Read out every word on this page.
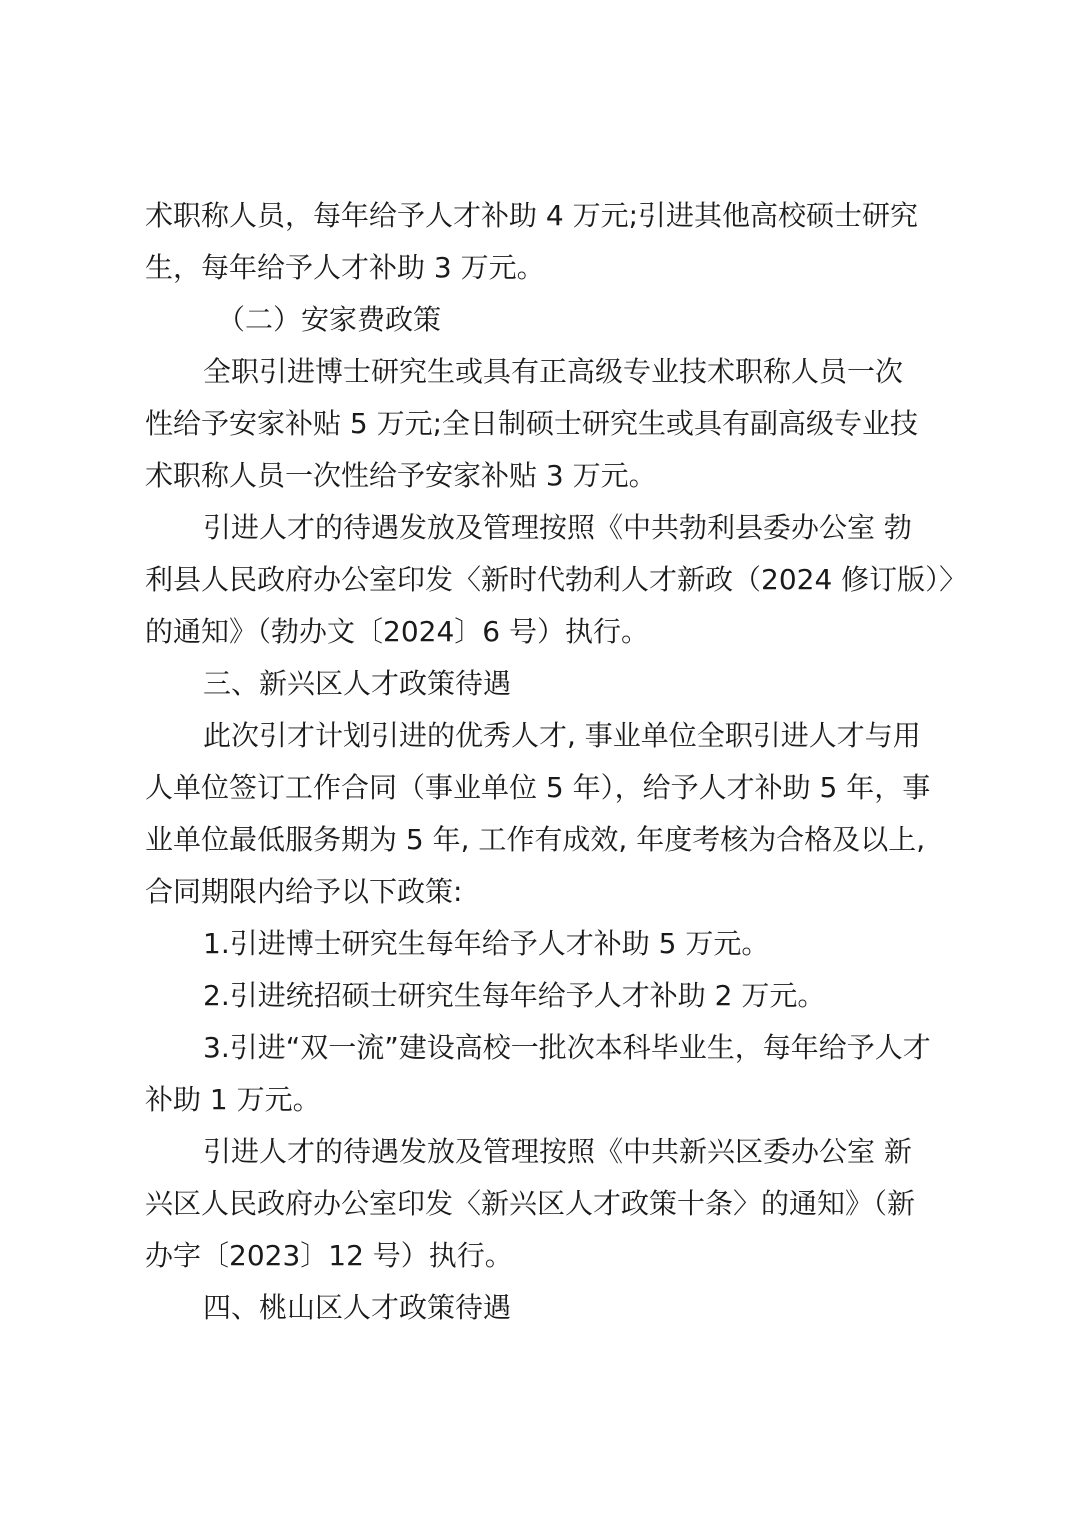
术职称人员，每年给予人才补助 4 万元;引进其他高校硕士研究
生，每年给予人才补助 3 万元。
（二）安家费政策
全职引进博士研究生或具有正高级专业技术职称人员一次
性给予安家补贴 5 万元;全日制硕士研究生或具有副高级专业技
术职称人员一次性给予安家补贴 3 万元。
引进人才的待遇发放及管理按照《中共勃利县委办公室 勃
利县人民政府办公室印发〈新时代勃利人才新政（2024 修订版）〉
的通知》（勃办文〔2024〕6 号）执行。
三、新兴区人才政策待遇
此次引才计划引进的优秀人才, 事业单位全职引进人才与用
人单位签订工作合同（事业单位 5 年），给予人才补助 5 年，事
业单位最低服务期为 5 年, 工作有成效, 年度考核为合格及以上,
合同期限内给予以下政策:
1.引进博士研究生每年给予人才补助 5 万元。
2.引进统招硕士研究生每年给予人才补助 2 万元。
3.引进“双一流”建设高校一批次本科毕业生，每年给予人才
补助 1 万元。
引进人才的待遇发放及管理按照《中共新兴区委办公室 新
兴区人民政府办公室印发〈新兴区人才政策十条〉的通知》（新
办字〔2023〕12 号）执行。
四、桃山区人才政策待遇
